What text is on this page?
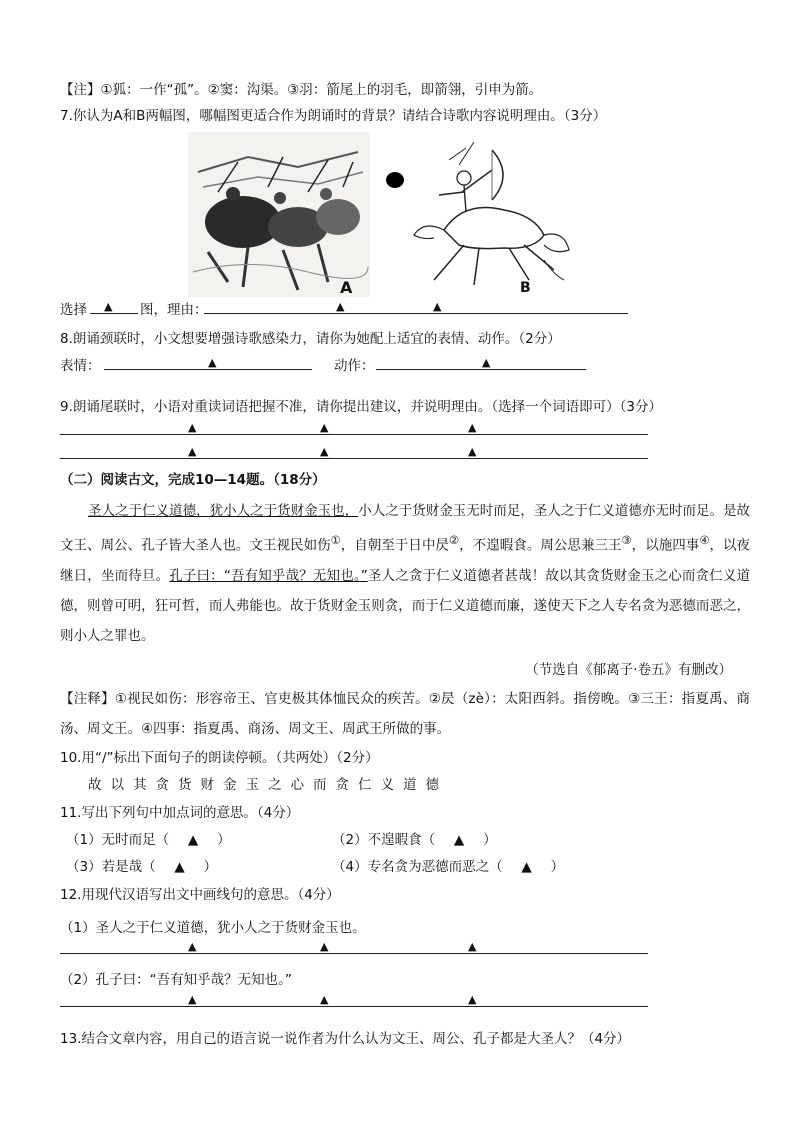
【注】①狐：一作“孤”。②窦：沟渠。③羽：箭尾上的羽毛，即箭翎，引申为箭。
7.你认为A和B两幅图，哪幅图更适合作为朗诵时的背景？请结合诗歌内容说明理由。（3分）
A	B
选择 ▲ 图，理由：	▲	▲
8.朗诵颈联时，小文想要增强诗歌感染力，请你为她配上适宜的表情、动作。（2分）
表情：	▲	动作：	▲
9.朗诵尾联时，小语对重读词语把握不准，请你提出建议，并说明理由。（选择一个词语即可）（3分）
▲	▲	▲
▲	▲	▲
（二）阅读古文，完成10—14题。（18分）
圣人之于仁义道德，犹小人之于货财金玉也，小人之于货财金玉无时而足，圣人之于仁义道德亦无时而足。是故文王、周公、孔子皆大圣人也。文王视民如伤①，自朝至于日中昃②，不遑暇食。周公思兼三王③，以施四事④，以夜继日，坐而待旦。孔子曰：“吾有知乎哉？无知也。”圣人之贪于仁义道德者甚哉！故以其贪货财金玉之心而贪仁义道德，则曾可明，狂可哲，而人弗能也。故于货财金玉则贪，而于仁义道德而廉，遂使天下之人专名贪为恶德而恶之，则小人之罪也。
（节选自《郁离子·卷五》有删改）
【注释】①视民如伤：形容帝王、官吏极其体恤民众的疾苦。②昃（zè）：太阳西斜。指傍晚。③三王：指夏禹、商汤、周文王。④四事：指夏禹、商汤、周文王、周武王所做的事。
10.用“/”标出下面句子的朗读停顿。（共两处）（2分）
故以其贪货财金玉之心而贪仁义道德
11.写出下列句中加点词的意思。（4分）
（1）无时而足（ ▲ ）	（2）不遑暇食（ ▲ ）
（3）若是哉（ ▲ ）	（4）专名贪为恶德而恶之（ ▲ ）
12.用现代汉语写出文中画线句的意思。（4分）
（1）圣人之于仁义道德，犹小人之于货财金玉也。
▲	▲	▲
（2）孔子曰：“吾有知乎哉？无知也。”
▲	▲	▲
13.结合文章内容，用自己的语言说一说作者为什么认为文王、周公、孔子都是大圣人？（4分）
